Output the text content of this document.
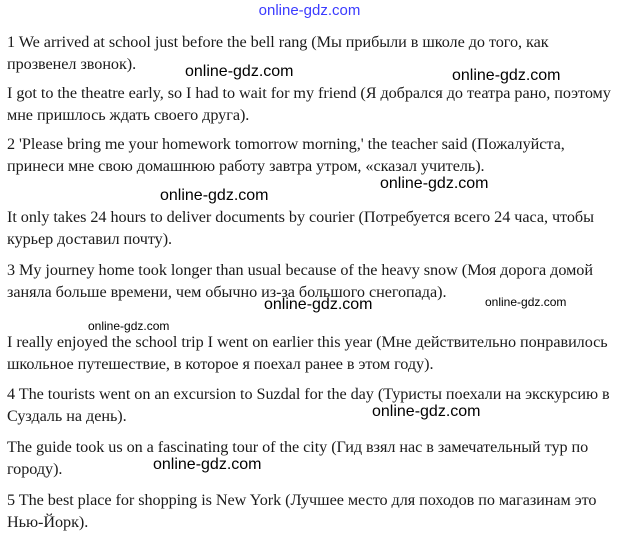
online-gdz.com
1 We arrived at school just before the bell rang (Мы прибыли в школе до того, как прозвенел звонок).
I got to the theatre early, so I had to wait for my friend (Я добрался до театра рано, поэтому мне пришлось ждать своего друга).
2 'Please bring me your homework tomorrow morning,' the teacher said (Пожалуйста, принеси мне свою домашнюю работу завтра утром, «сказал учитель).
It only takes 24 hours to deliver documents by courier (Потребуется всего 24 часа, чтобы курьер доставил почту).
3 My journey home took longer than usual because of the heavy snow (Моя дорога домой заняла больше времени, чем обычно из-за большого снегопада).
I really enjoyed the school trip I went on earlier this year (Мне действительно понравилось школьное путешествие, в которое я поехал ранее в этом году).
4 The tourists went on an excursion to Suzdal for the day (Туристы поехали на экскурсию в Суздаль на день).
The guide took us on a fascinating tour of the city (Гид взял нас в замечательный тур по городу).
5 The best place for shopping is New York (Лучшее место для походов по магазинам это Нью-Йорк).
online-gdz.com	online-gdz.com
online-gdz.com
online-gdz.com
online-gdz.com	online-gdz.com
online-gdz.com
online-gdz.com
online-gdz.com
